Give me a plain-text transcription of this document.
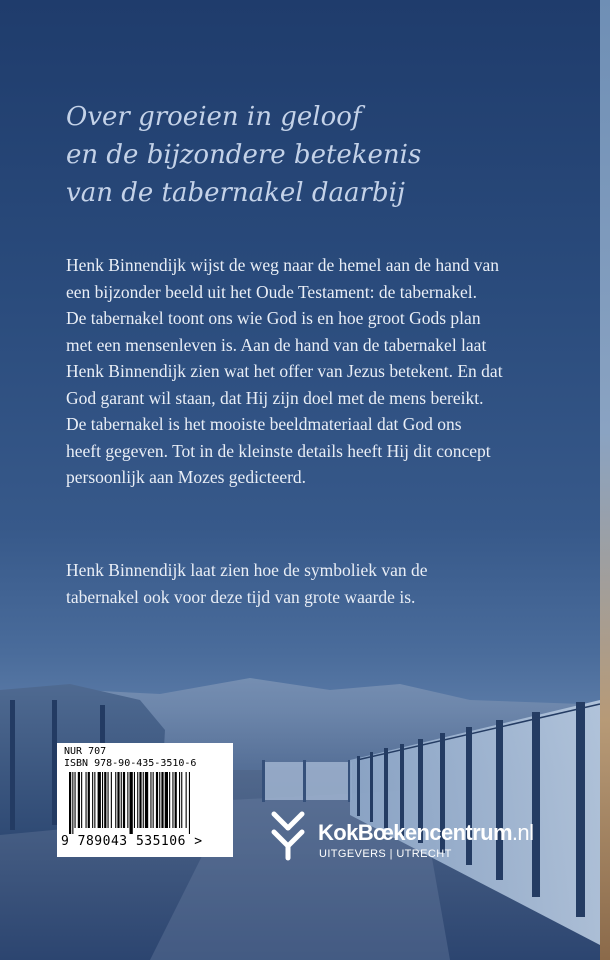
Over groeien in geloof
en de bijzondere betekenis
van de tabernakel daarbij

Henk Binnendijk wijst de weg naar de hemel aan de hand van
een bijzonder beeld uit het Oude Testament: de tabernakel.
De tabernakel toont ons wie God is en hoe groot Gods plan
met een mensenleven is. Aan de hand van de tabernakel laat
Henk Binnendijk zien wat het offer van Jezus betekent. En dat
God garant wil staan, dat Hij zijn doel met de mens bereikt.
De tabernakel is het mooiste beeldmateriaal dat God ons
heeft gegeven. Tot in de kleinste details heeft Hij dit concept
persoonlijk aan Mozes gedicteerd.

Henk Binnendijk laat zien hoe de symboliek van de
tabernakel ook voor deze tijd van grote waarde is.

NUR 707
ISBN 978-90-435-3510-6
9 789043 535106 >	KokBœkencentrum.nl
UITGEVERS | UTRECHT
